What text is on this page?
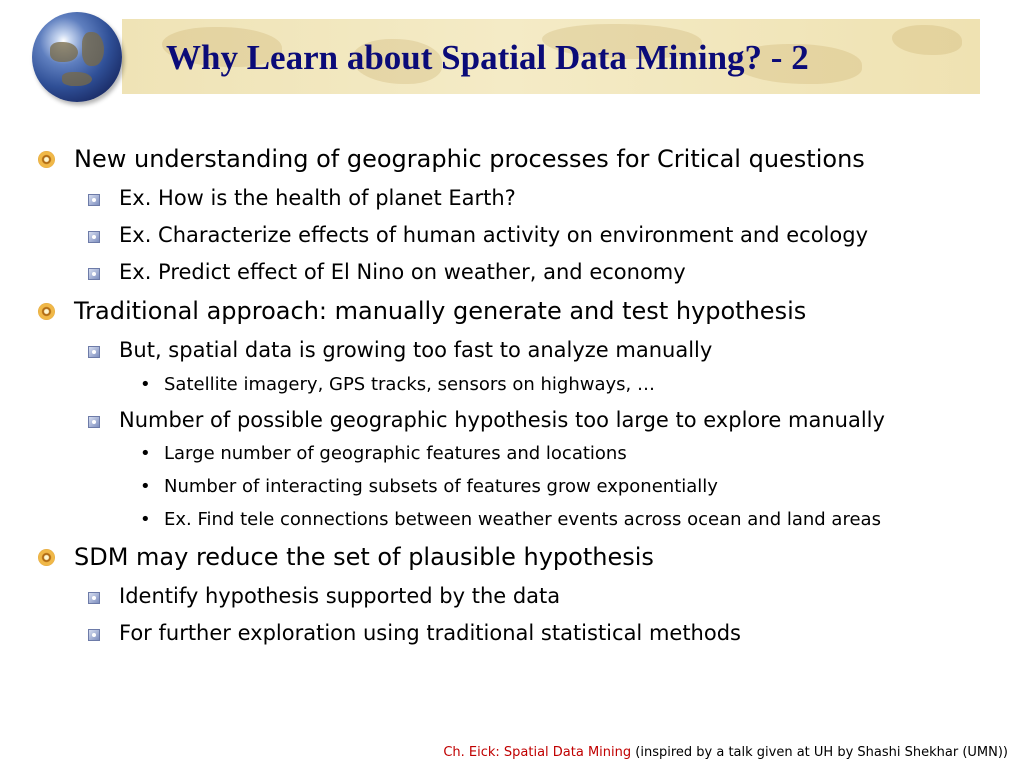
Why Learn about Spatial Data Mining? - 2
New understanding of geographic processes for Critical questions
Ex. How is the health of planet Earth?
Ex. Characterize effects of human activity on environment and ecology
Ex. Predict effect of El Nino on weather, and economy
Traditional approach: manually generate and test hypothesis
But, spatial data is growing too fast to analyze manually
• Satellite imagery, GPS tracks, sensors on highways, …
Number of possible geographic hypothesis too large to explore manually
• Large number of geographic features and locations
• Number of interacting subsets of features grow exponentially
• Ex. Find tele connections between weather events across ocean and land areas
SDM may reduce the set of plausible hypothesis
Identify hypothesis supported by the data
For further exploration using traditional statistical methods
Ch. Eick: Spatial Data Mining (inspired by a talk given at UH by Shashi Shekhar (UMN))
